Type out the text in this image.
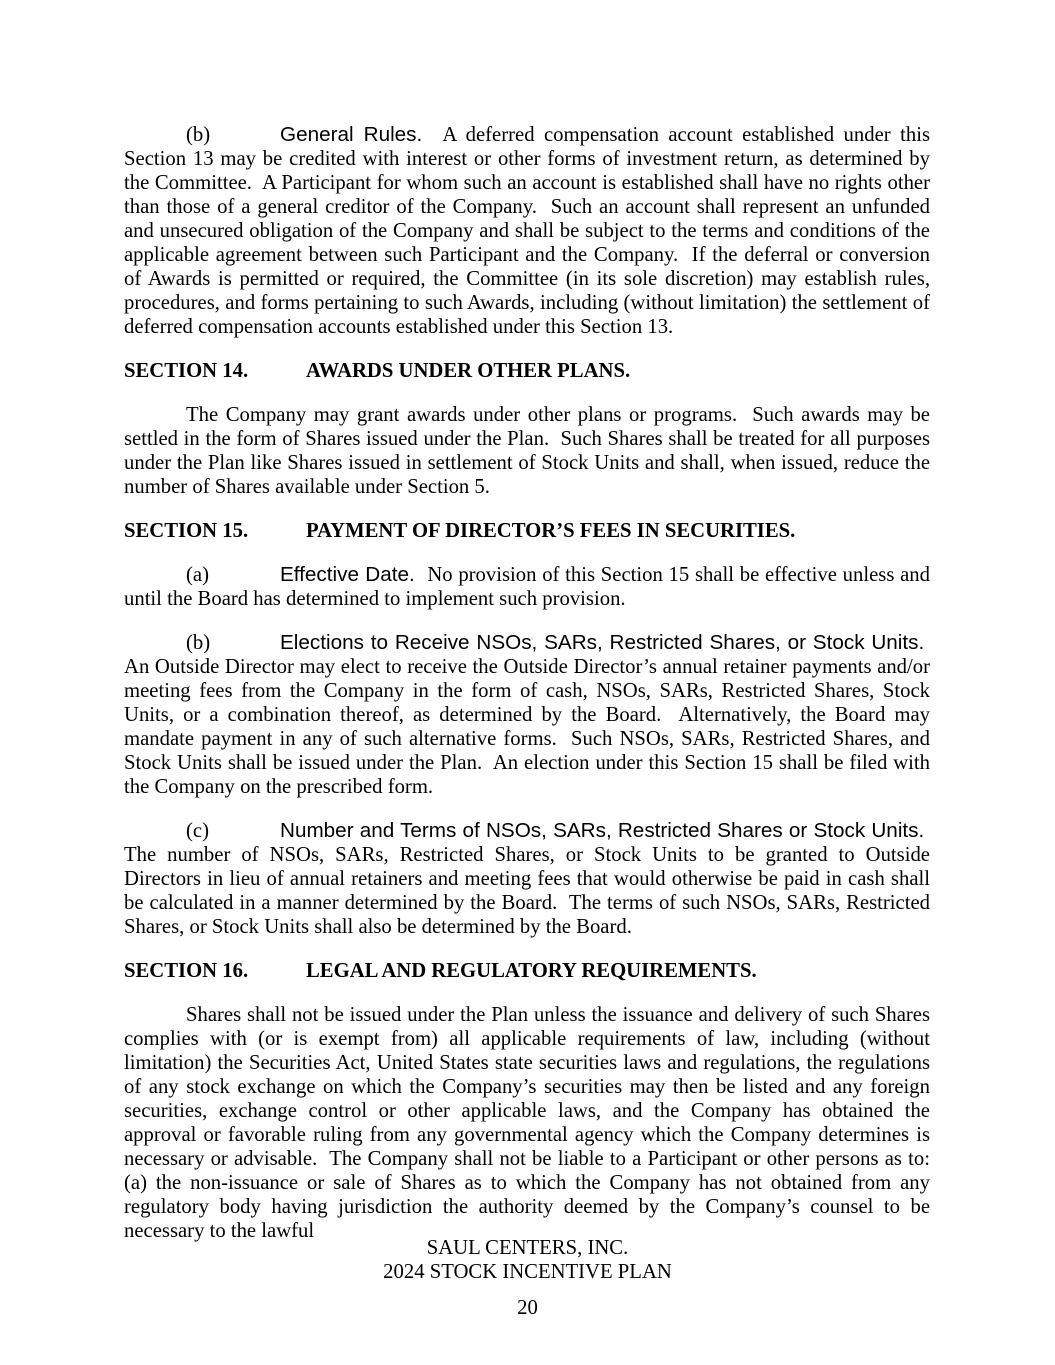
(b)	General Rules.  A deferred compensation account established under this Section 13 may be credited with interest or other forms of investment return, as determined by the Committee.  A Participant for whom such an account is established shall have no rights other than those of a general creditor of the Company.  Such an account shall represent an unfunded and unsecured obligation of the Company and shall be subject to the terms and conditions of the applicable agreement between such Participant and the Company.  If the deferral or conversion of Awards is permitted or required, the Committee (in its sole discretion) may establish rules, procedures, and forms pertaining to such Awards, including (without limitation) the settlement of deferred compensation accounts established under this Section 13.

SECTION 14.	AWARDS UNDER OTHER PLANS.

The Company may grant awards under other plans or programs.  Such awards may be settled in the form of Shares issued under the Plan.  Such Shares shall be treated for all purposes under the Plan like Shares issued in settlement of Stock Units and shall, when issued, reduce the number of Shares available under Section 5.

SECTION 15.	PAYMENT OF DIRECTOR’S FEES IN SECURITIES.

(a)	Effective Date.  No provision of this Section 15 shall be effective unless and until the Board has determined to implement such provision.

(b)	Elections to Receive NSOs, SARs, Restricted Shares, or Stock Units.  An Outside Director may elect to receive the Outside Director’s annual retainer payments and/or meeting fees from the Company in the form of cash, NSOs, SARs, Restricted Shares, Stock Units, or a combination thereof, as determined by the Board.  Alternatively, the Board may mandate payment in any of such alternative forms.  Such NSOs, SARs, Restricted Shares, and Stock Units shall be issued under the Plan.  An election under this Section 15 shall be filed with the Company on the prescribed form.

(c)	Number and Terms of NSOs, SARs, Restricted Shares or Stock Units.  The number of NSOs, SARs, Restricted Shares, or Stock Units to be granted to Outside Directors in lieu of annual retainers and meeting fees that would otherwise be paid in cash shall be calculated in a manner determined by the Board.  The terms of such NSOs, SARs, Restricted Shares, or Stock Units shall also be determined by the Board.

SECTION 16.	LEGAL AND REGULATORY REQUIREMENTS.

Shares shall not be issued under the Plan unless the issuance and delivery of such Shares complies with (or is exempt from) all applicable requirements of law, including (without limitation) the Securities Act, United States state securities laws and regulations, the regulations of any stock exchange on which the Company’s securities may then be listed and any foreign securities, exchange control or other applicable laws, and the Company has obtained the approval or favorable ruling from any governmental agency which the Company determines is necessary or advisable.  The Company shall not be liable to a Participant or other persons as to: (a) the non-issuance or sale of Shares as to which the Company has not obtained from any regulatory body having jurisdiction the authority deemed by the Company’s counsel to be necessary to the lawful

SAUL CENTERS, INC.
2024 STOCK INCENTIVE PLAN
20
